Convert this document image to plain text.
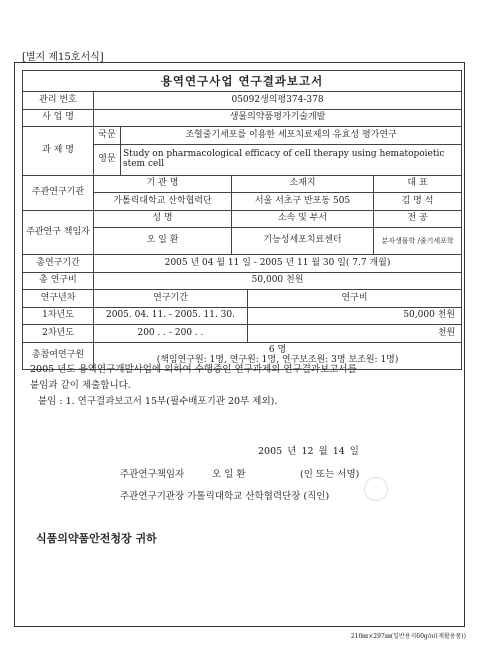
[별지 제15호서식]
용역연구사업 연구결과보고서					
관리 번호	05092생의평374-378				
사 업 명	생물의약품평가기술개발				
과 제 명	국문	조혈줄기세포를 이용한 세포치료제의 유효성 평가연구			
	영문	Study on pharmacological efficacy of cell therapy using hematopoietic stem cell			
주관연구기관	기 관 명		소재지		대 표
	가톨릭대학교 산학협력단		서울 서초구 반포동 505		김 명 석
주관연구 책임자	성 명		소속 및 부서		전 공
	오 일 환		기능성세포치료센터		분자생물학 /줄기세포학
총연구기간	2005 년 04 월 11 일 - 2005 년 11 월 30 일( 7.7 개월)				
총 연구비	50,000 천원				
연구년차	연구기간			연구비	
1차년도	2005. 04. 11. - 2005. 11. 30.			50,000 천원	
2차년도	200 . . - 200 . .			천원	
총참여연구원	6 명
(책임연구원: 1명, 연구원: 1명, 연구보조원: 3명 보조원: 1명)				

2005 년도 용역연구개발사업에 의하여 수행중인 연구과제의 연구결과보고서를

붙임과 같이 제출합니다.

붙임 : 1. 연구결과보고서 15부(필수배포기관 20부 제외).

2005 년 12 월 14 일
주관연구책임자	오 일 환	(인 또는 서명)
주관연구기관장 가톨릭대학교 산학협력단장 (직인)
식품의약품안전청장 귀하
210㎜×297㎜(일반용지60g/㎡(재활용품))
